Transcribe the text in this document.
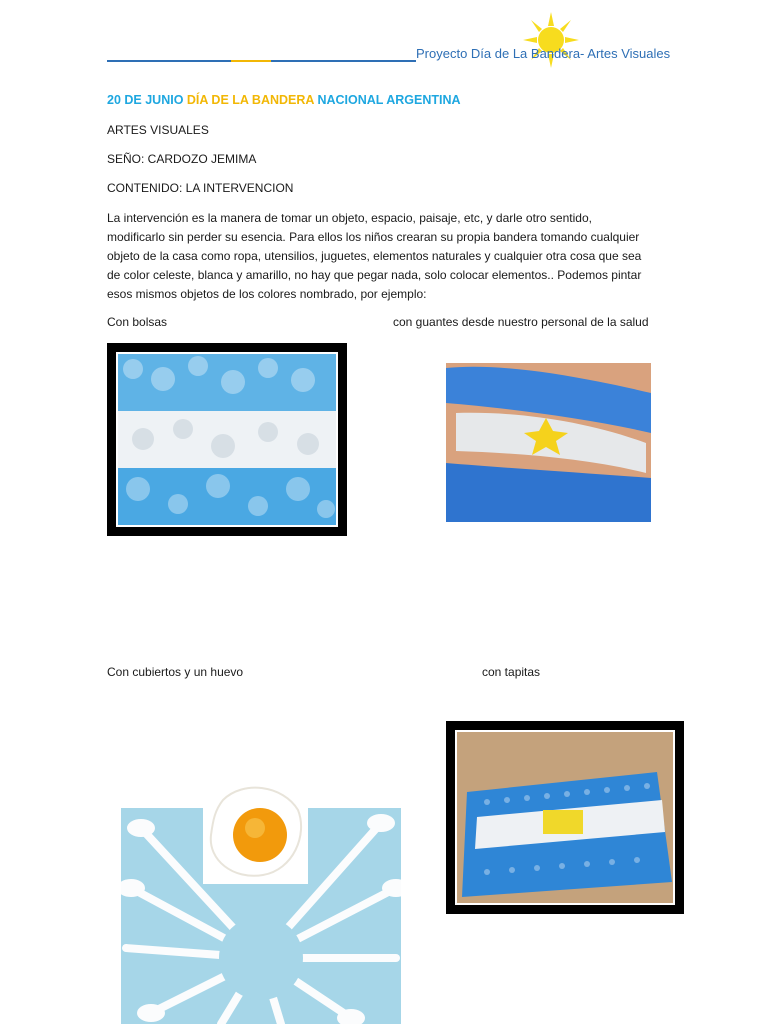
Proyecto Día de La Bandera- Artes Visuales
20 DE JUNIO DÍA DE LA BANDERA NACIONAL ARGENTINA
ARTES VISUALES
SEÑO: CARDOZO JEMIMA
CONTENIDO: LA INTERVENCION
La intervención es la manera de tomar un objeto, espacio, paisaje, etc, y darle otro sentido, modificarlo sin perder su esencia. Para ellos los niños crearan su propia bandera tomando cualquier objeto de la casa como ropa, utensilios, juguetes, elementos naturales y cualquier otra cosa que sea de color celeste, blanca y amarillo, no hay que pegar nada, solo colocar elementos.. Podemos pintar esos mismos objetos de los colores nombrado, por ejemplo:
Con bolsas	con guantes desde nuestro personal de la salud
Con cubiertos y un huevo	con tapitas
